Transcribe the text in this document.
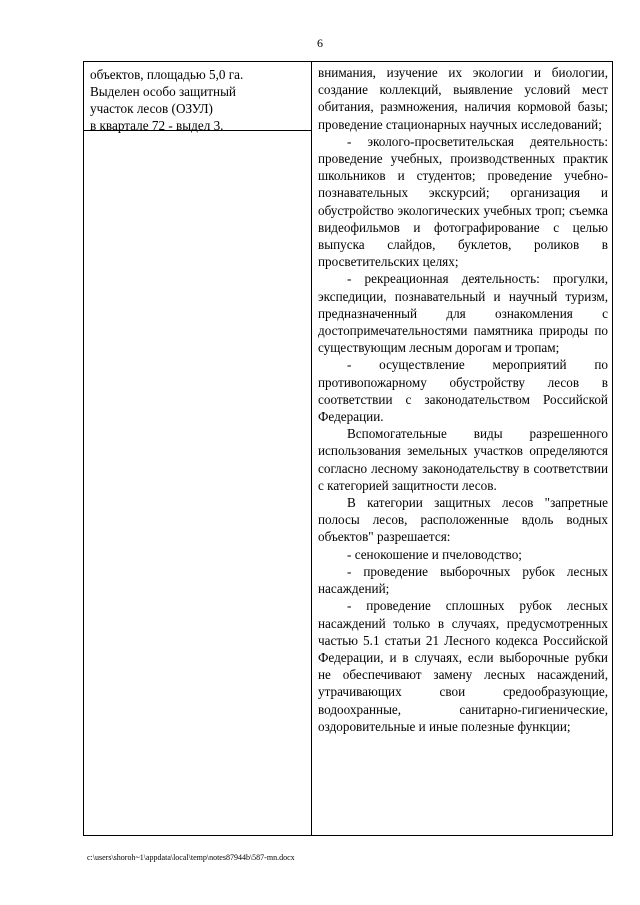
6
объектов, площадью 5,0 га.
Выделен особо защитный
участок лесов (ОЗУЛ)
в квартале 72 - выдел 3.

внимания, изучение их экологии и биологии, создание коллекций, выявление условий мест обитания, размножения, наличия кормовой базы; проведение стационарных научных исследований;

- эколого-просветительская деятельность: проведение учебных, производственных практик школьников и студентов; проведение учебно-познавательных экскурсий; организация и обустройство экологических учебных троп; съемка видеофильмов и фотографирование с целью выпуска слайдов, буклетов, роликов в просветительских целях;

- рекреационная деятельность: прогулки, экспедиции, познавательный и научный туризм, предназначенный для ознакомления с достопримечательностями памятника природы по существующим лесным дорогам и тропам;

- осуществление мероприятий по противопожарному обустройству лесов в соответствии с законодательством Российской Федерации.

Вспомогательные виды разрешенного использования земельных участков определяются согласно лесному законодательству в соответствии с категорией защитности лесов.

В категории защитных лесов "запретные полосы лесов, расположенные вдоль водных объектов" разрешается:

- сенокошение и пчеловодство;

- проведение выборочных рубок лесных насаждений;

- проведение сплошных рубок лесных насаждений только в случаях, предусмотренных частью 5.1 статьи 21 Лесного кодекса Российской Федерации, и в случаях, если выборочные рубки не обеспечивают замену лесных насаждений, утрачивающих свои средообразующие, водоохранные, санитарно-гигиенические, оздоровительные и иные полезные функции;

c:\users\shoroh~1\appdata\local\temp\notes87944b\587-mn.docx
